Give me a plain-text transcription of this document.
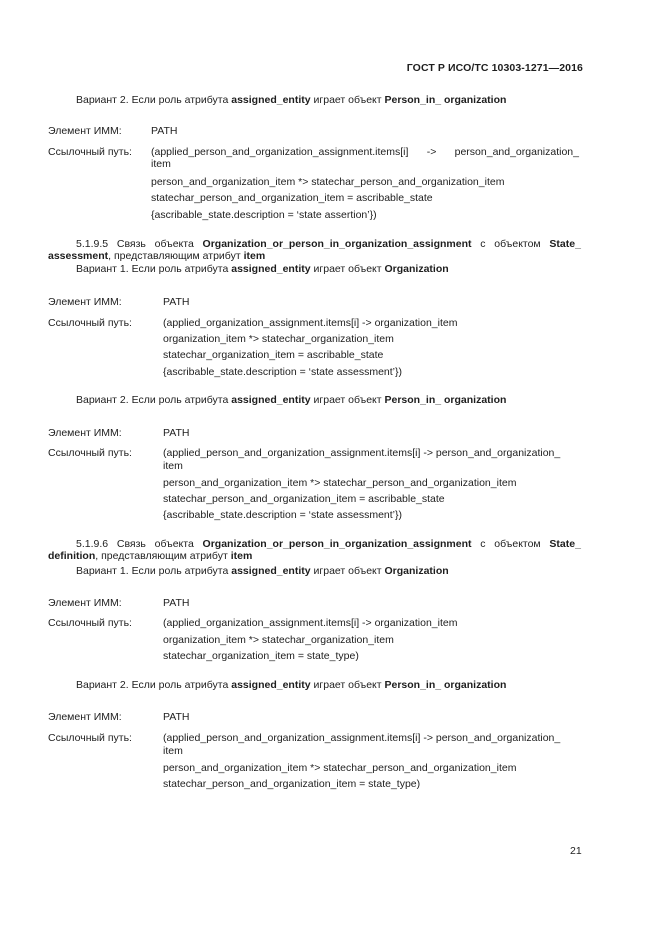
ГОСТ Р ИСО/ТС 10303-1271—2016
Вариант 2. Если роль атрибута assigned_entity играет объект Person_in_ organization
Элемент ИММ:	PATH
Ссылочный путь: (applied_person_and_organization_assignment.items[i] -> person_and_organization_
item
person_and_organization_item *> statechar_person_and_organization_item
statechar_person_and_organization_item = ascribable_state
{ascribable_state.description = ‘state assertion’})
5.1.9.5 Связь объекта Organization_or_person_in_organization_assignment с объектом State_
assessment, представляющим атрибут item
Вариант 1. Если роль атрибута assigned_entity играет объект Organization
Элемент ИММ:	PATH
Ссылочный путь:	(applied_organization_assignment.items[i] -> organization_item
organization_item *> statechar_organization_item
statechar_organization_item = ascribable_state
{ascribable_state.description = ‘state assessment’})
Вариант 2. Если роль атрибута assigned_entity играет объект Person_in_ organization
Элемент ИММ:	PATH
Ссылочный путь:	(applied_person_and_organization_assignment.items[i] -> person_and_organization_
item
person_and_organization_item *> statechar_person_and_organization_item
statechar_person_and_organization_item = ascribable_state
{ascribable_state.description = ‘state assessment’})
5.1.9.6 Связь объекта Organization_or_person_in_organization_assignment с объектом State_
definition, представляющим атрибут item
Вариант 1. Если роль атрибута assigned_entity играет объект Organization
Элемент ИММ:	PATH
Ссылочный путь:	(applied_organization_assignment.items[i] -> organization_item
organization_item *> statechar_organization_item
statechar_organization_item = state_type)
Вариант 2. Если роль атрибута assigned_entity играет объект Person_in_ organization
Элемент ИММ:	PATH
Ссылочный путь:	(applied_person_and_organization_assignment.items[i] -> person_and_organization_
item
person_and_organization_item *> statechar_person_and_organization_item
statechar_person_and_organization_item = state_type)
21
